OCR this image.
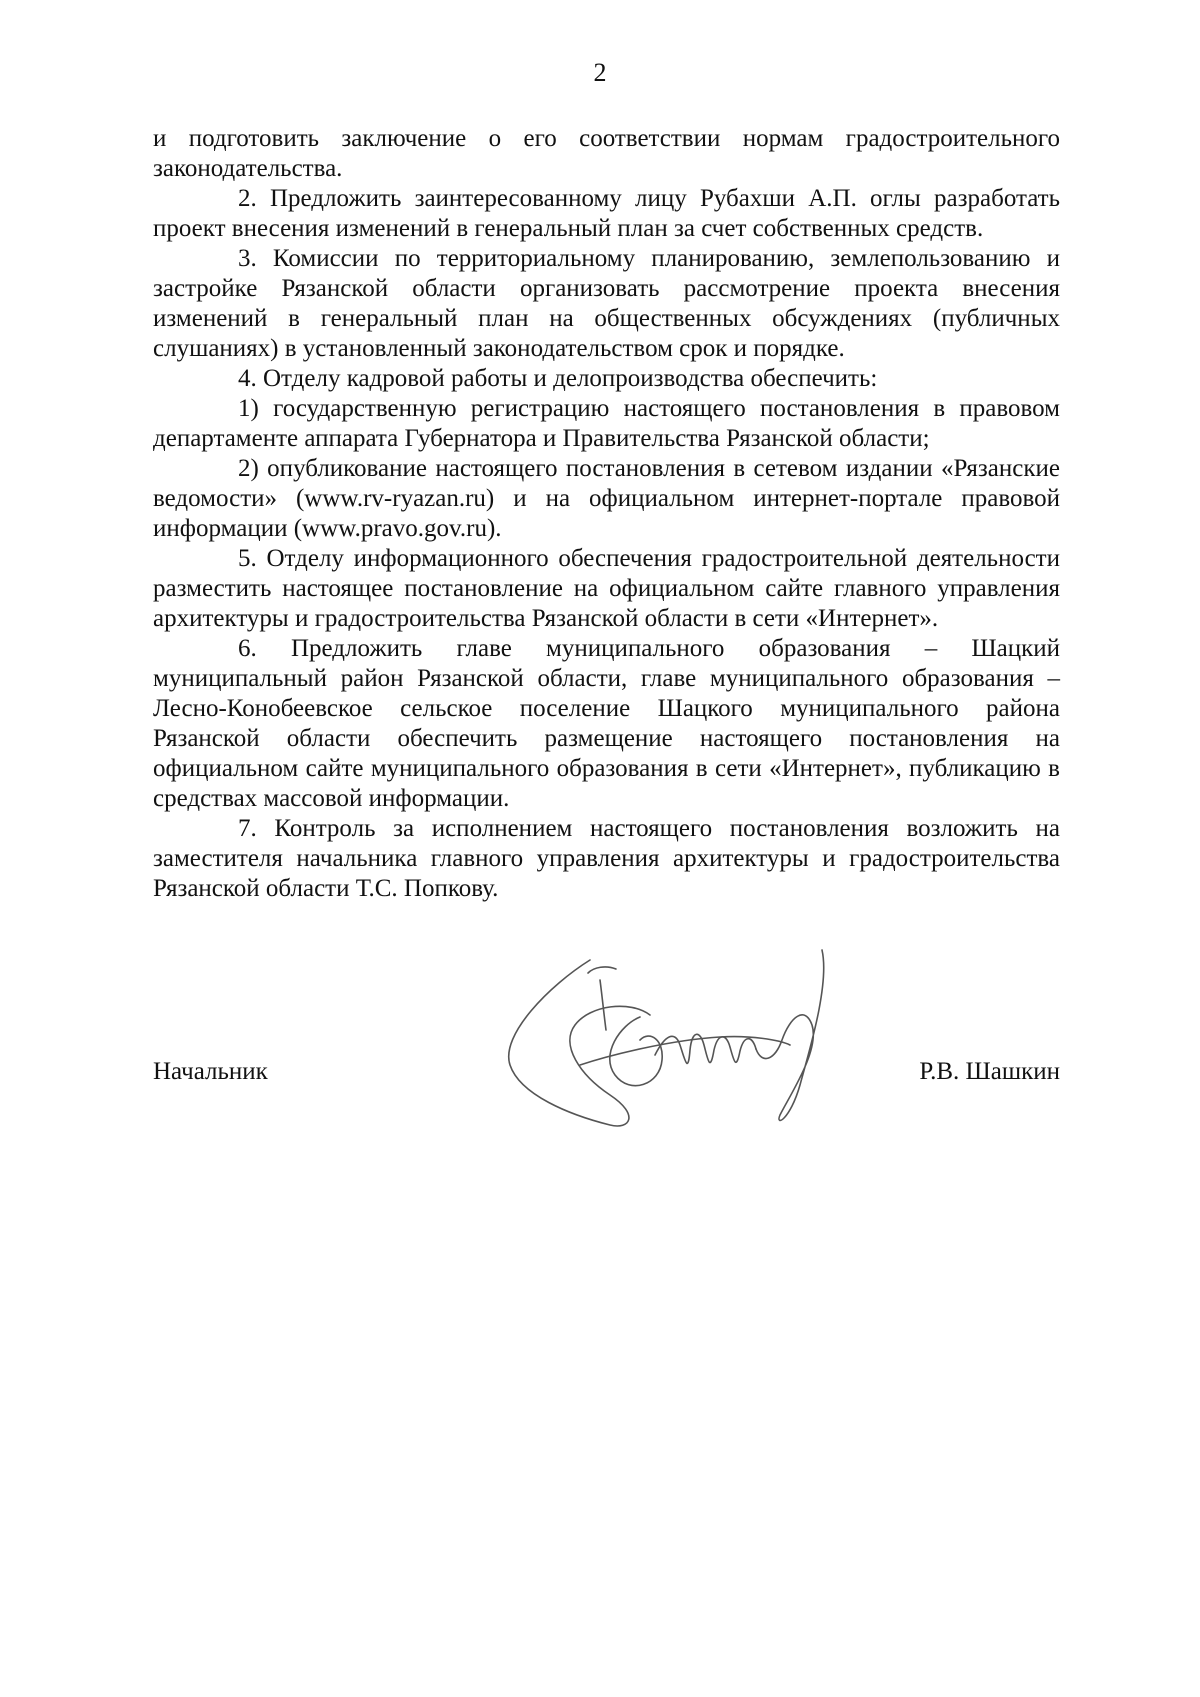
2

и подготовить заключение о его соответствии нормам градостроительного законодательства.

2. Предложить заинтересованному лицу Рубахши А.П. оглы разработать проект внесения изменений в генеральный план за счет собственных средств.

3. Комиссии по территориальному планированию, землепользованию и застройке Рязанской области организовать рассмотрение проекта внесения изменений в генеральный план на общественных обсуждениях (публичных слушаниях) в установленный законодательством срок и порядке.

4. Отделу кадровой работы и делопроизводства обеспечить:

1) государственную регистрацию настоящего постановления в правовом департаменте аппарата Губернатора и Правительства Рязанской области;

2) опубликование настоящего постановления в сетевом издании «Рязанские ведомости» (www.rv-ryazan.ru) и на официальном интернет-портале правовой информации (www.pravo.gov.ru).

5. Отделу информационного обеспечения градостроительной деятельности разместить настоящее постановление на официальном сайте главного управления архитектуры и градостроительства Рязанской области в сети «Интернет».

6. Предложить главе муниципального образования – Шацкий муниципальный район Рязанской области, главе муниципального образования – Лесно-Конобеевское сельское поселение Шацкого муниципального района Рязанской области обеспечить размещение настоящего постановления на официальном сайте муниципального образования в сети «Интернет», публикацию в средствах массовой информации.

7. Контроль за исполнением настоящего постановления возложить на заместителя начальника главного управления архитектуры и градостроительства Рязанской области Т.С. Попкову.

Начальник	Р.В. Шашкин
